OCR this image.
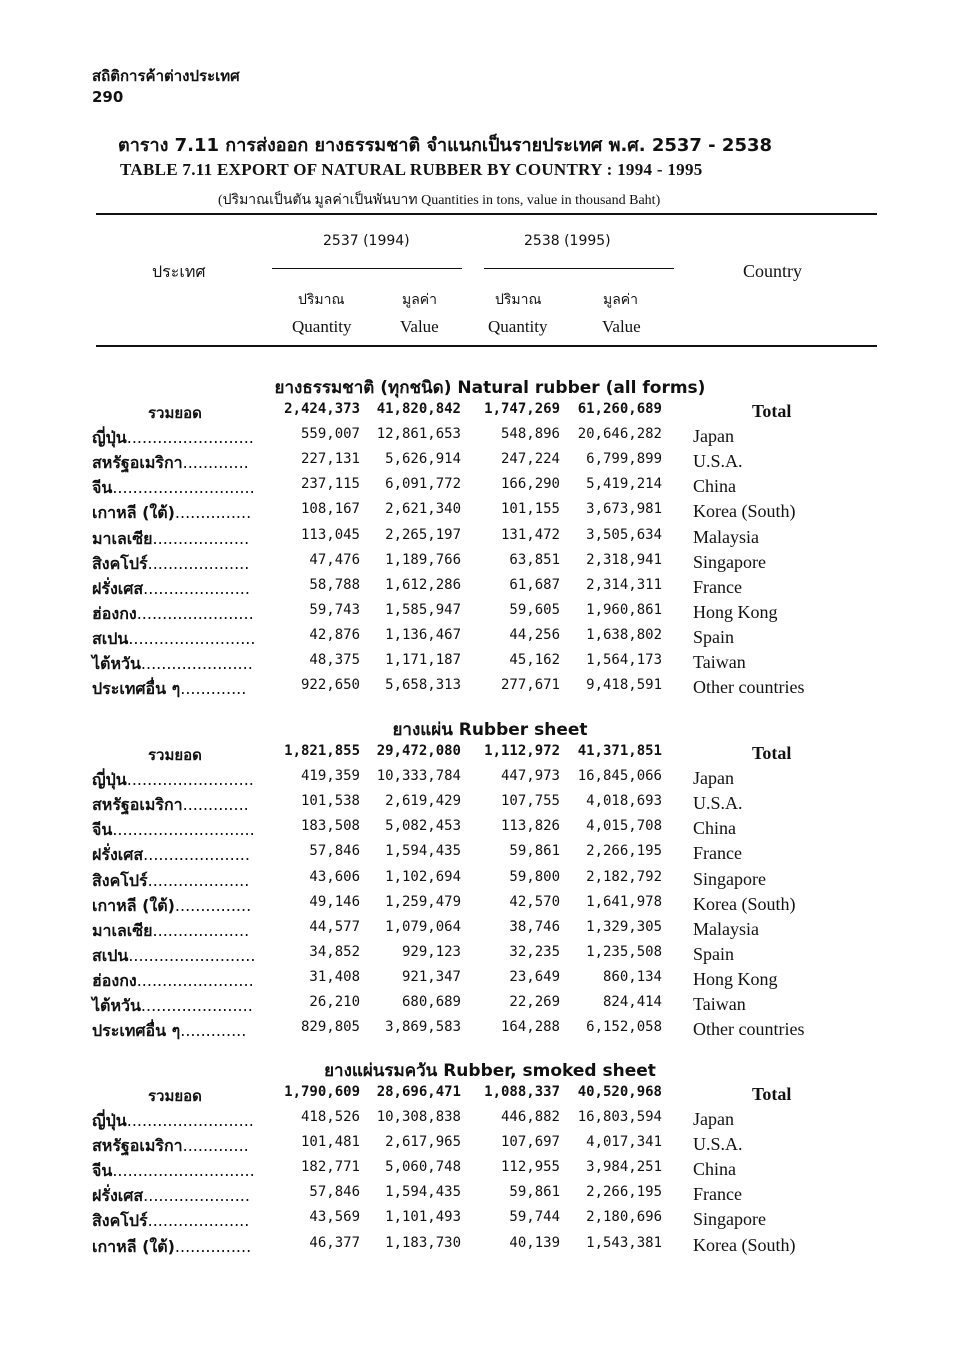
สถิติการค้าต่างประเทศ
290
ตาราง 7.11 การส่งออก ยางธรรมชาติ จำแนกเป็นรายประเทศ พ.ศ. 2537 - 2538
TABLE 7.11 EXPORT OF NATURAL RUBBER BY COUNTRY : 1994 - 1995
(ปริมาณเป็นตัน มูลค่าเป็นพันบาท Quantities in tons, value in thousand Baht)
ประเทศ	Country
2537 (1994)	2538 (1995)
ปริมาณ	มูลค่า	ปริมาณ	มูลค่า
Quantity	Value	Quantity	Value
ยางธรรมชาติ (ทุกชนิด) Natural rubber (all forms)
รวมยอด	2,424,373	41,820,842	1,747,269	61,260,689	Total
ญี่ปุ่น.........................	559,007	12,861,653	548,896	20,646,282 Japan
สหรัฐอเมริกา.............	227,131	5,626,914	247,224	6,799,899 U.S.A.
จีน............................	237,115	6,091,772	166,290	5,419,214 China
เกาหลี (ใต้)...............	108,167	2,621,340	101,155	3,673,981 Korea (South)
มาเลเซีย...................	113,045	2,265,197	131,472	3,505,634 Malaysia
สิงคโปร์....................	47,476	1,189,766	63,851	2,318,941 Singapore
ฝรั่งเศส.....................	58,788	1,612,286	61,687	2,314,311 France
ฮ่องกง.......................	59,743	1,585,947	59,605	1,960,861 Hong Kong
สเปน.........................	42,876	1,136,467	44,256	1,638,802 Spain
ไต้หวัน......................	48,375	1,171,187	45,162	1,564,173 Taiwan
ประเทศอื่น ๆ.............	922,650	5,658,313	277,671	9,418,591 Other countries
ยางแผ่น Rubber sheet
รวมยอด	1,821,855	29,472,080	1,112,972	41,371,851	Total
ญี่ปุ่น.........................	419,359	10,333,784	447,973	16,845,066 Japan
สหรัฐอเมริกา.............	101,538	2,619,429	107,755	4,018,693 U.S.A.
จีน............................	183,508	5,082,453	113,826	4,015,708 China
ฝรั่งเศส.....................	57,846	1,594,435	59,861	2,266,195 France
สิงคโปร์....................	43,606	1,102,694	59,800	2,182,792 Singapore
เกาหลี (ใต้)...............	49,146	1,259,479	42,570	1,641,978 Korea (South)
มาเลเซีย...................	44,577	1,079,064	38,746	1,329,305 Malaysia
สเปน.........................	34,852	929,123	32,235	1,235,508 Spain
ฮ่องกง.......................	31,408	921,347	23,649	860,134 Hong Kong
ไต้หวัน......................	26,210	680,689	22,269	824,414 Taiwan
ประเทศอื่น ๆ.............	829,805	3,869,583	164,288	6,152,058 Other countries
ยางแผ่นรมควัน Rubber, smoked sheet
รวมยอด	1,790,609	28,696,471	1,088,337	40,520,968	Total
ญี่ปุ่น.........................	418,526	10,308,838	446,882	16,803,594 Japan
สหรัฐอเมริกา.............	101,481	2,617,965	107,697	4,017,341 U.S.A.
จีน............................	182,771	5,060,748	112,955	3,984,251 China
ฝรั่งเศส.....................	57,846	1,594,435	59,861	2,266,195 France
สิงคโปร์....................	43,569	1,101,493	59,744	2,180,696 Singapore
เกาหลี (ใต้)...............	46,377	1,183,730	40,139	1,543,381 Korea (South)
